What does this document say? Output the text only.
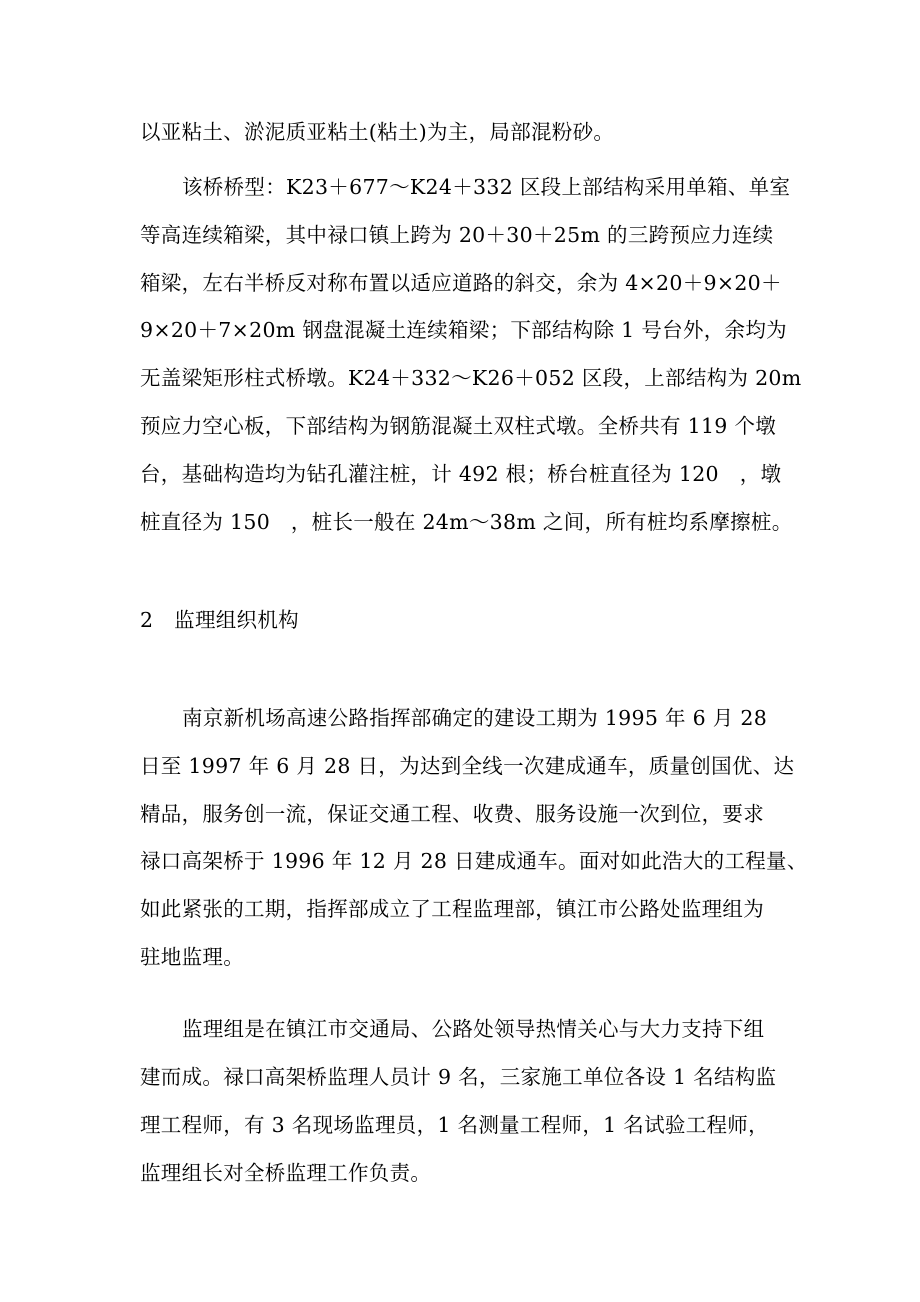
以亚粘土、淤泥质亚粘土(粘土)为主，局部混粉砂。
该桥桥型：K23＋677～K24＋332 区段上部结构采用单箱、单室
等高连续箱梁，其中禄口镇上跨为 20＋30＋25m 的三跨预应力连续
箱梁，左右半桥反对称布置以适应道路的斜交，余为 4×20＋9×20＋
9×20＋7×20m 钢盘混凝土连续箱梁；下部结构除 1 号台外，余均为
无盖梁矩形柱式桥墩。K24＋332～K26＋052 区段，上部结构为 20m
预应力空心板，下部结构为钢筋混凝土双柱式墩。全桥共有 119 个墩
台，基础构造均为钻孔灌注桩，计 492 根；桥台桩直径为 120　，墩
桩直径为 150　，桩长一般在 24m～38m 之间，所有桩均系摩擦桩。
2　监理组织机构
南京新机场高速公路指挥部确定的建设工期为 1995 年 6 月 28
日至 1997 年 6 月 28 日，为达到全线一次建成通车，质量创国优、达
精品，服务创一流，保证交通工程、收费、服务设施一次到位，要求
禄口高架桥于 1996 年 12 月 28 日建成通车。面对如此浩大的工程量、
如此紧张的工期，指挥部成立了工程监理部，镇江市公路处监理组为
驻地监理。
监理组是在镇江市交通局、公路处领导热情关心与大力支持下组
建而成。禄口高架桥监理人员计 9 名，三家施工单位各设 1 名结构监
理工程师，有 3 名现场监理员，1 名测量工程师，1 名试验工程师，
监理组长对全桥监理工作负责。
